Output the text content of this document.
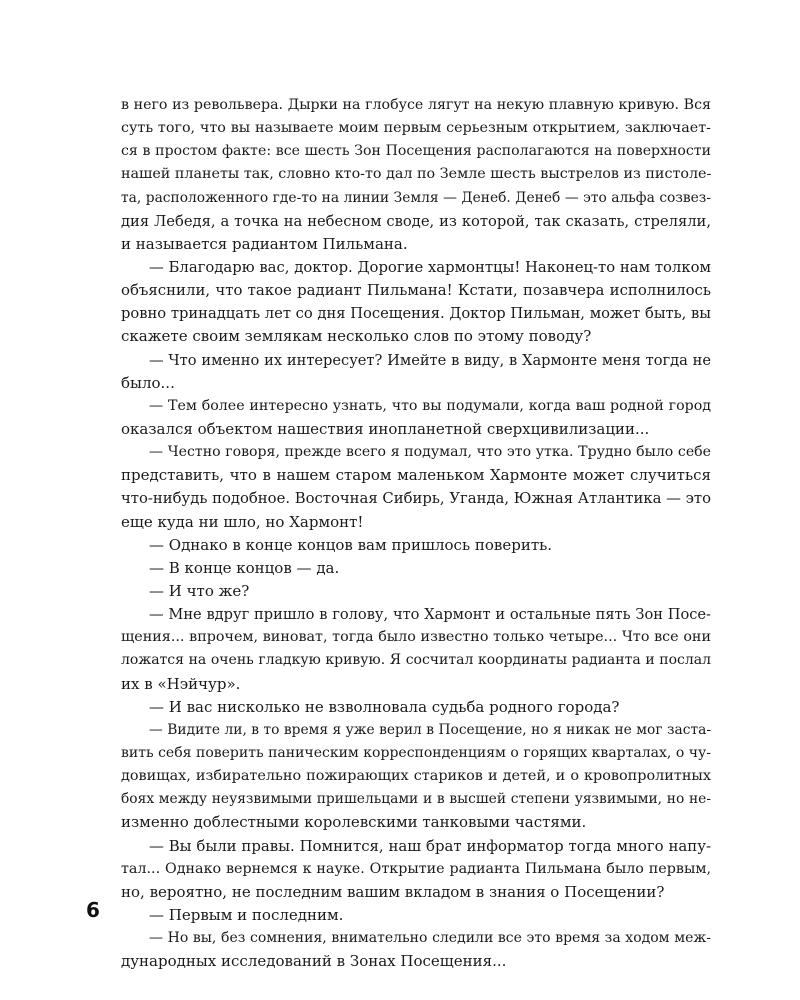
в него из револьвера. Дырки на глобусе лягут на некую плавную кривую. Вся
суть того, что вы называете моим первым серьезным открытием, заключает-
ся в простом факте: все шесть Зон Посещения располагаются на поверхности
нашей планеты так, словно кто-то дал по Земле шесть выстрелов из пистоле-
та, расположенного где-то на линии Земля — Денеб. Денеб — это альфа созвез-
дия Лебедя, а точка на небесном своде, из которой, так сказать, стреляли,
и называется радиантом Пильмана.
— Благодарю вас, доктор. Дорогие хармонтцы! Наконец-то нам толком
объяснили, что такое радиант Пильмана! Кстати, позавчера исполнилось
ровно тринадцать лет со дня Посещения. Доктор Пильман, может быть, вы
скажете своим землякам несколько слов по этому поводу?
— Что именно их интересует? Имейте в виду, в Хармонте меня тогда не
было...
— Тем более интересно узнать, что вы подумали, когда ваш родной город
оказался объектом нашествия инопланетной сверхцивилизации...
— Честно говоря, прежде всего я подумал, что это утка. Трудно было себе
представить, что в нашем старом маленьком Хармонте может случиться
что-нибудь подобное. Восточная Сибирь, Уганда, Южная Атлантика — это
еще куда ни шло, но Хармонт!
— Однако в конце концов вам пришлось поверить.
— В конце концов — да.
— И что же?
— Мне вдруг пришло в голову, что Хармонт и остальные пять Зон Посе-
щения... впрочем, виноват, тогда было известно только четыре... Что все они
ложатся на очень гладкую кривую. Я сосчитал координаты радианта и послал
их в «Нэйчур».
— И вас нисколько не взволновала судьба родного города?
— Видите ли, в то время я уже верил в Посещение, но я никак не мог застa-
вить себя поверить паническим корреспонденциям о горящих кварталах, о чу-
довищах, избирательно пожирающих стариков и детей, и о кровопролитных
боях между неуязвимыми пришельцами и в высшей степени уязвимыми, но не-
изменно доблестными королевскими танковыми частями.
— Вы были правы. Помнится, наш брат информатор тогда много напу-
тал... Однако вернемся к науке. Открытие радианта Пильмана было первым,
но, вероятно, не последним вашим вкладом в знания о Посещении?
— Первым и последним.
— Но вы, без сомнения, внимательно следили все это время за ходом меж-
дународных исследований в Зонах Посещения...
6
